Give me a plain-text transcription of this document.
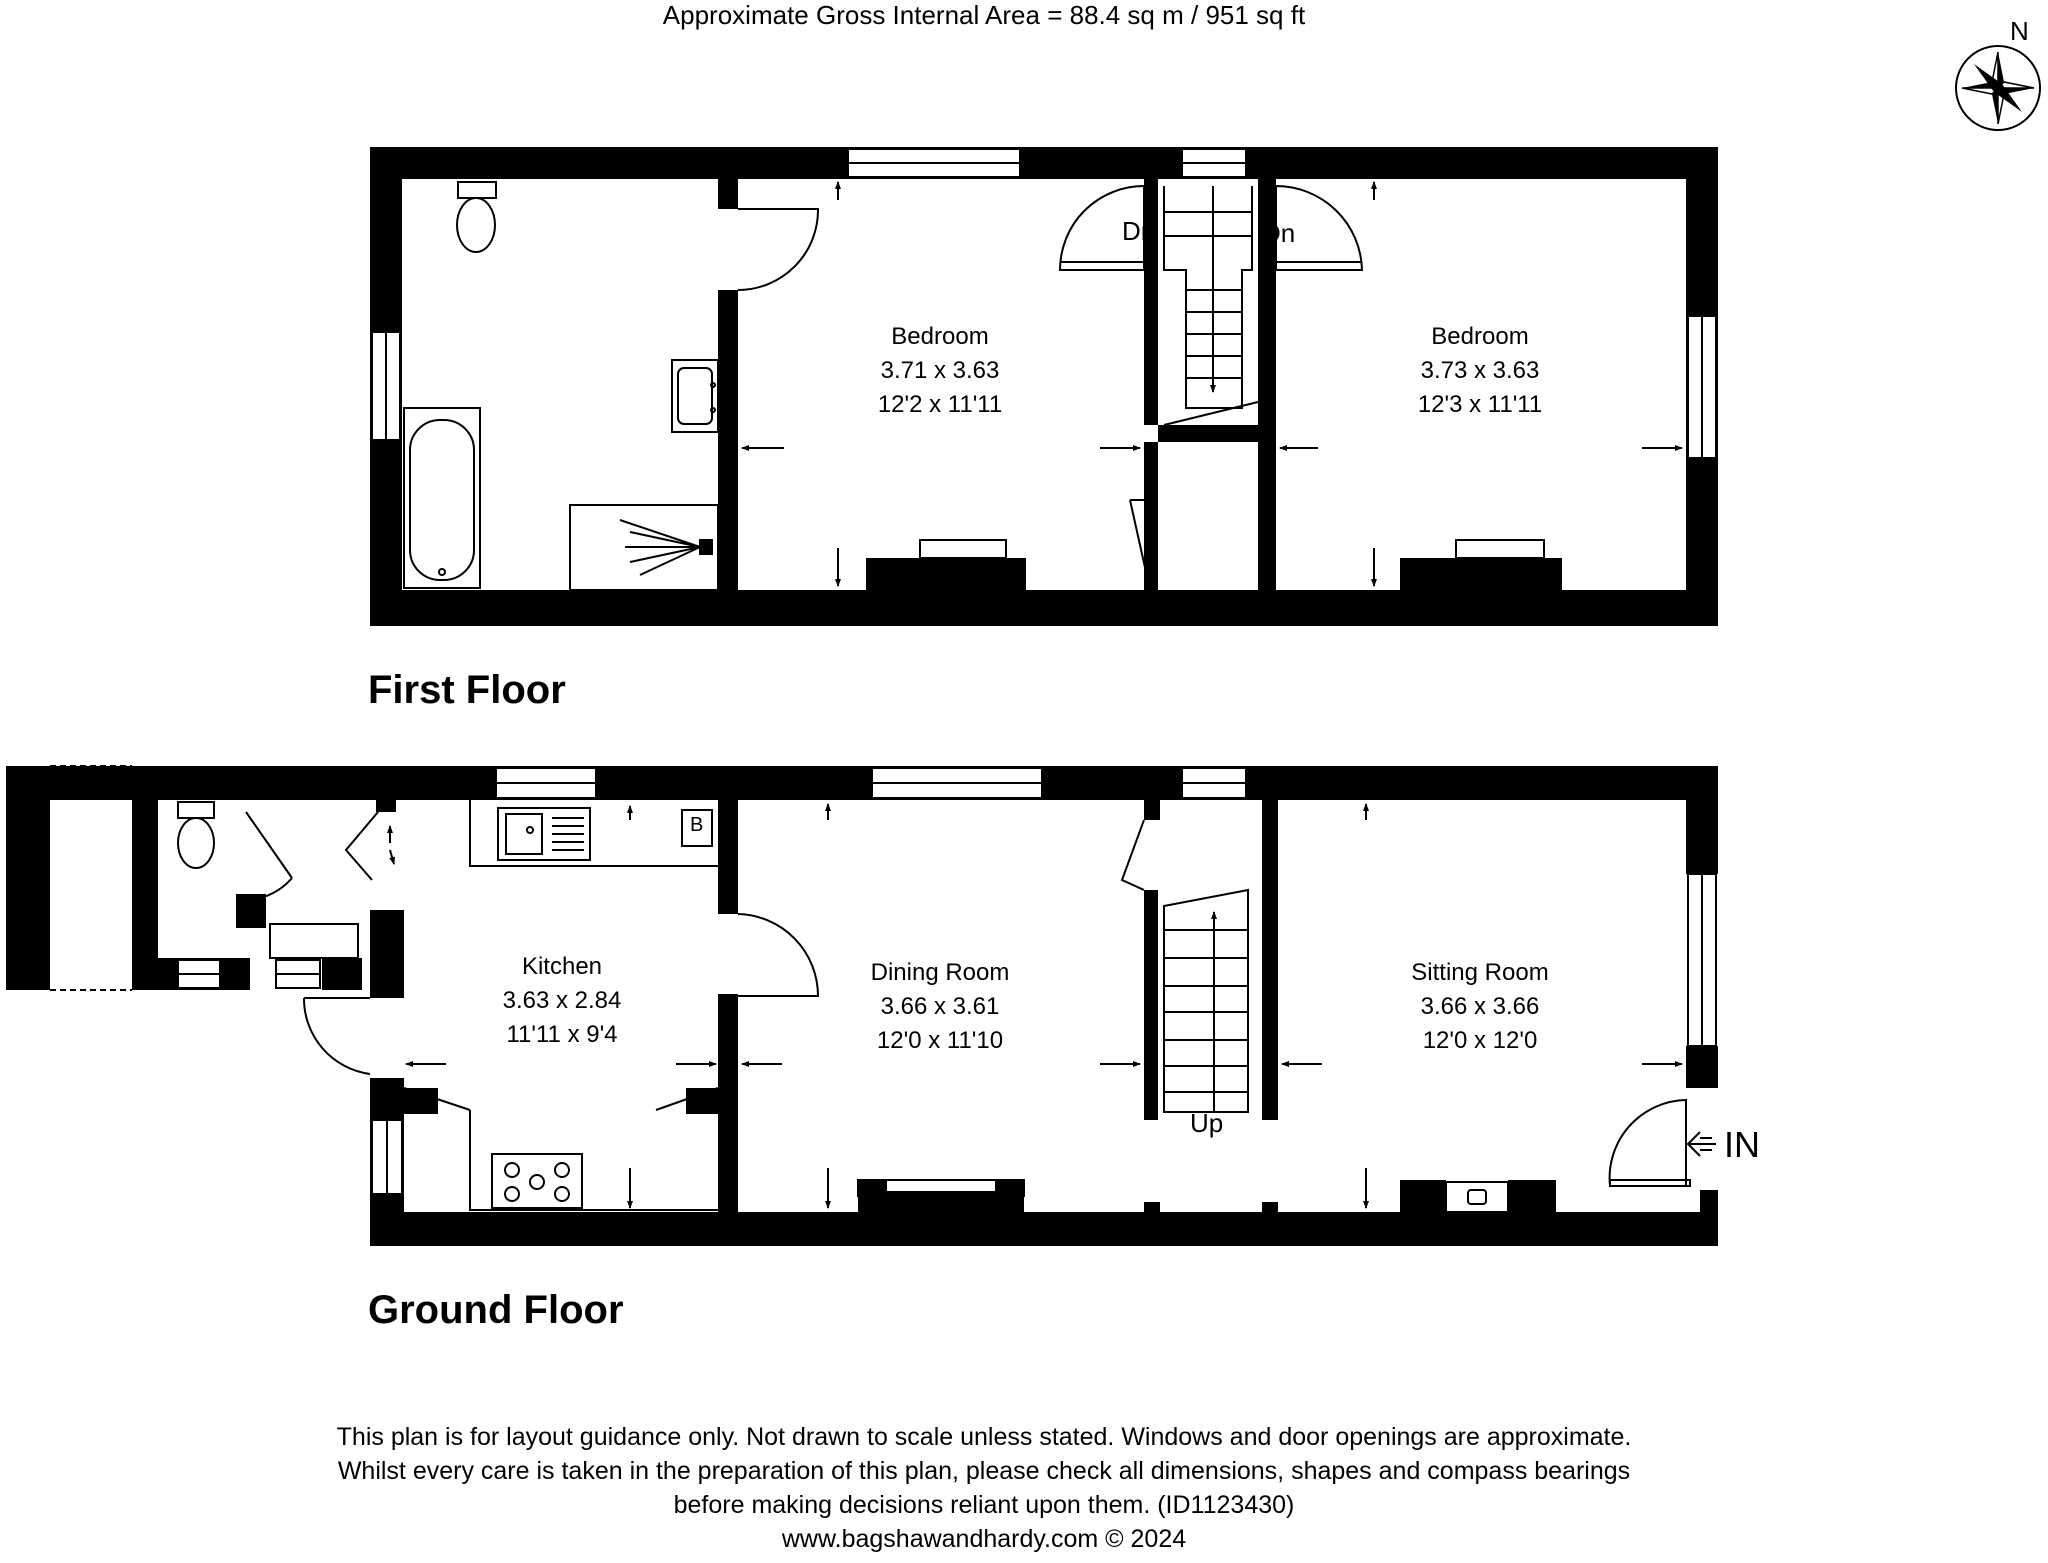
Approximate Gross Internal Area = 88.4 sq m / 951 sq ft
N
First Floor
Bedroom
3.71 x 3.63
12'2 x 11'11
Bedroom
3.73 x 3.63
12'3 x 11'11
Dn	Dn
Ground Floor
Kitchen
3.63 x 2.84
11'11 x 9'4
Dining Room
3.66 x 3.61
12'0 x 11'10
Sitting Room
3.66 x 3.66
12'0 x 12'0
Up
B
IN
This plan is for layout guidance only. Not drawn to scale unless stated. Windows and door openings are approximate.
Whilst every care is taken in the preparation of this plan, please check all dimensions, shapes and compass bearings
before making decisions reliant upon them. (ID1123430)
www.bagshawandhardy.com © 2024
